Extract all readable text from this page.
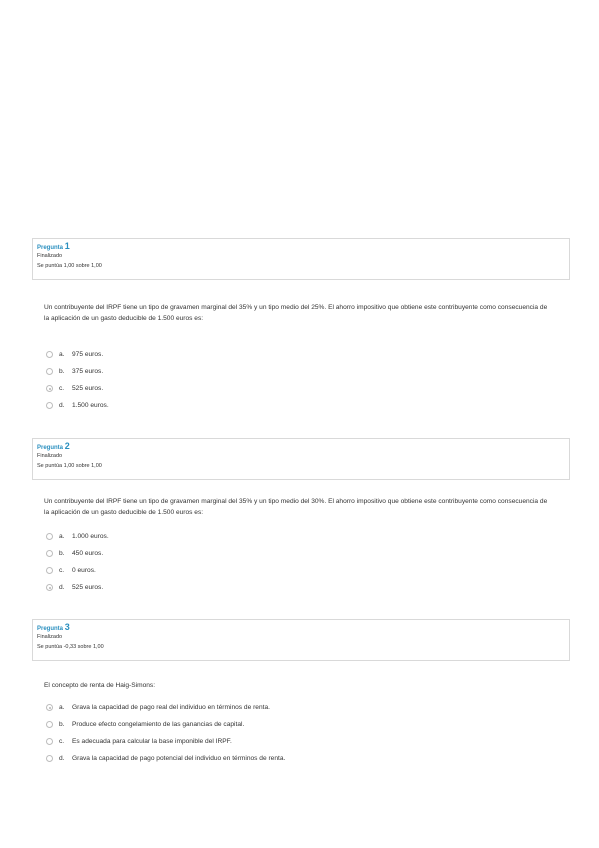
Pregunta 1
Finalizado
Se puntúa 1,00 sobre 1,00
Un contribuyente del IRPF tiene un tipo de gravamen marginal del 35% y un tipo medio del 25%. El ahorro impositivo que obtiene este contribuyente como consecuencia de la aplicación de un gasto deducible de 1.500 euros es:
a.	975 euros.
b.	375 euros.
c.	525 euros.
d.	1.500 euros.
Pregunta 2
Finalizado
Se puntúa 1,00 sobre 1,00
Un contribuyente del IRPF tiene un tipo de gravamen marginal del 35% y un tipo medio del 30%. El ahorro impositivo que obtiene este contribuyente como consecuencia de la aplicación de un gasto deducible de 1.500 euros es:
a.	1.000 euros.
b.	450 euros.
c.	0 euros.
d.	525 euros.
Pregunta 3
Finalizado
Se puntúa -0,33 sobre 1,00
El concepto de renta de Haig-Simons:
a.	Grava la capacidad de pago real del individuo en términos de renta.
b.	Produce efecto congelamiento de las ganancias de capital.
c.	Es adecuada para calcular la base imponible del IRPF.
d.	Grava la capacidad de pago potencial del individuo en términos de renta.
